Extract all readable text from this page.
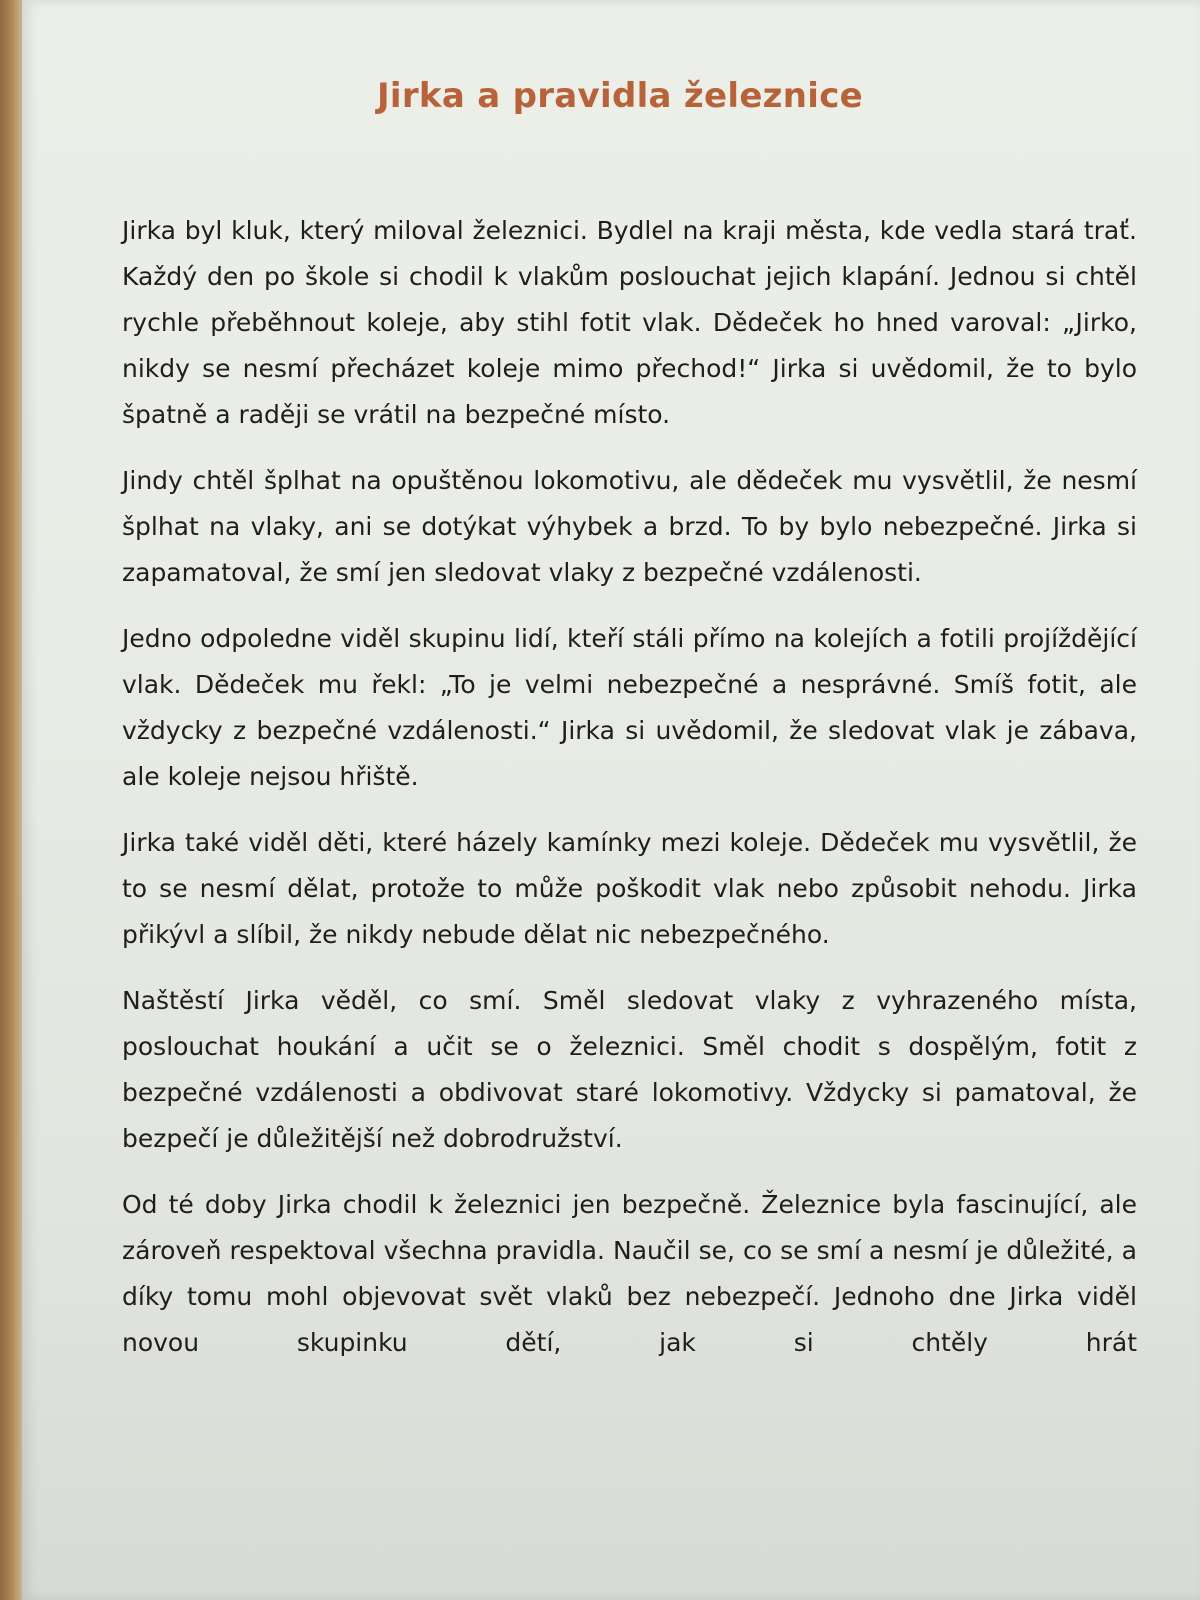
Jirka a pravidla železnice

Jirka byl kluk, který miloval železnici. Bydlel na kraji města, kde vedla stará trať. Každý den po škole si chodil k vlakům poslouchat jejich klapání. Jednou si chtěl rychle přeběhnout koleje, aby stihl fotit vlak. Dědeček ho hned varoval: „Jirko, nikdy se nesmí přecházet koleje mimo přechod!“ Jirka si uvědomil, že to bylo špatně a raději se vrátil na bezpečné místo.

Jindy chtěl šplhat na opuštěnou lokomotivu, ale dědeček mu vysvětlil, že nesmí šplhat na vlaky, ani se dotýkat výhybek a brzd. To by bylo nebezpečné. Jirka si zapamatoval, že smí jen sledovat vlaky z bezpečné vzdálenosti.

Jedno odpoledne viděl skupinu lidí, kteří stáli přímo na kolejích a fotili projíždějící vlak. Dědeček mu řekl: „To je velmi nebezpečné a nesprávné. Smíš fotit, ale vždycky z bezpečné vzdálenosti.“ Jirka si uvědomil, že sledovat vlak je zábava, ale koleje nejsou hřiště.

Jirka také viděl děti, které házely kamínky mezi koleje. Dědeček mu vysvětlil, že to se nesmí dělat, protože to může poškodit vlak nebo způsobit nehodu. Jirka přikývl a slíbil, že nikdy nebude dělat nic nebezpečného.

Naštěstí Jirka věděl, co smí. Směl sledovat vlaky z vyhrazeného místa, poslouchat houkání a učit se o železnici. Směl chodit s dospělým, fotit z bezpečné vzdálenosti a obdivovat staré lokomotivy. Vždycky si pamatoval, že bezpečí je důležitější než dobrodružství.

Od té doby Jirka chodil k železnici jen bezpečně. Železnice byla fascinující, ale zároveň respektoval všechna pravidla. Naučil se, co se smí a nesmí je důležité, a díky tomu mohl objevovat svět vlaků bez nebezpečí. Jednoho dne Jirka viděl novou skupinku dětí, jak si chtěly hrát
